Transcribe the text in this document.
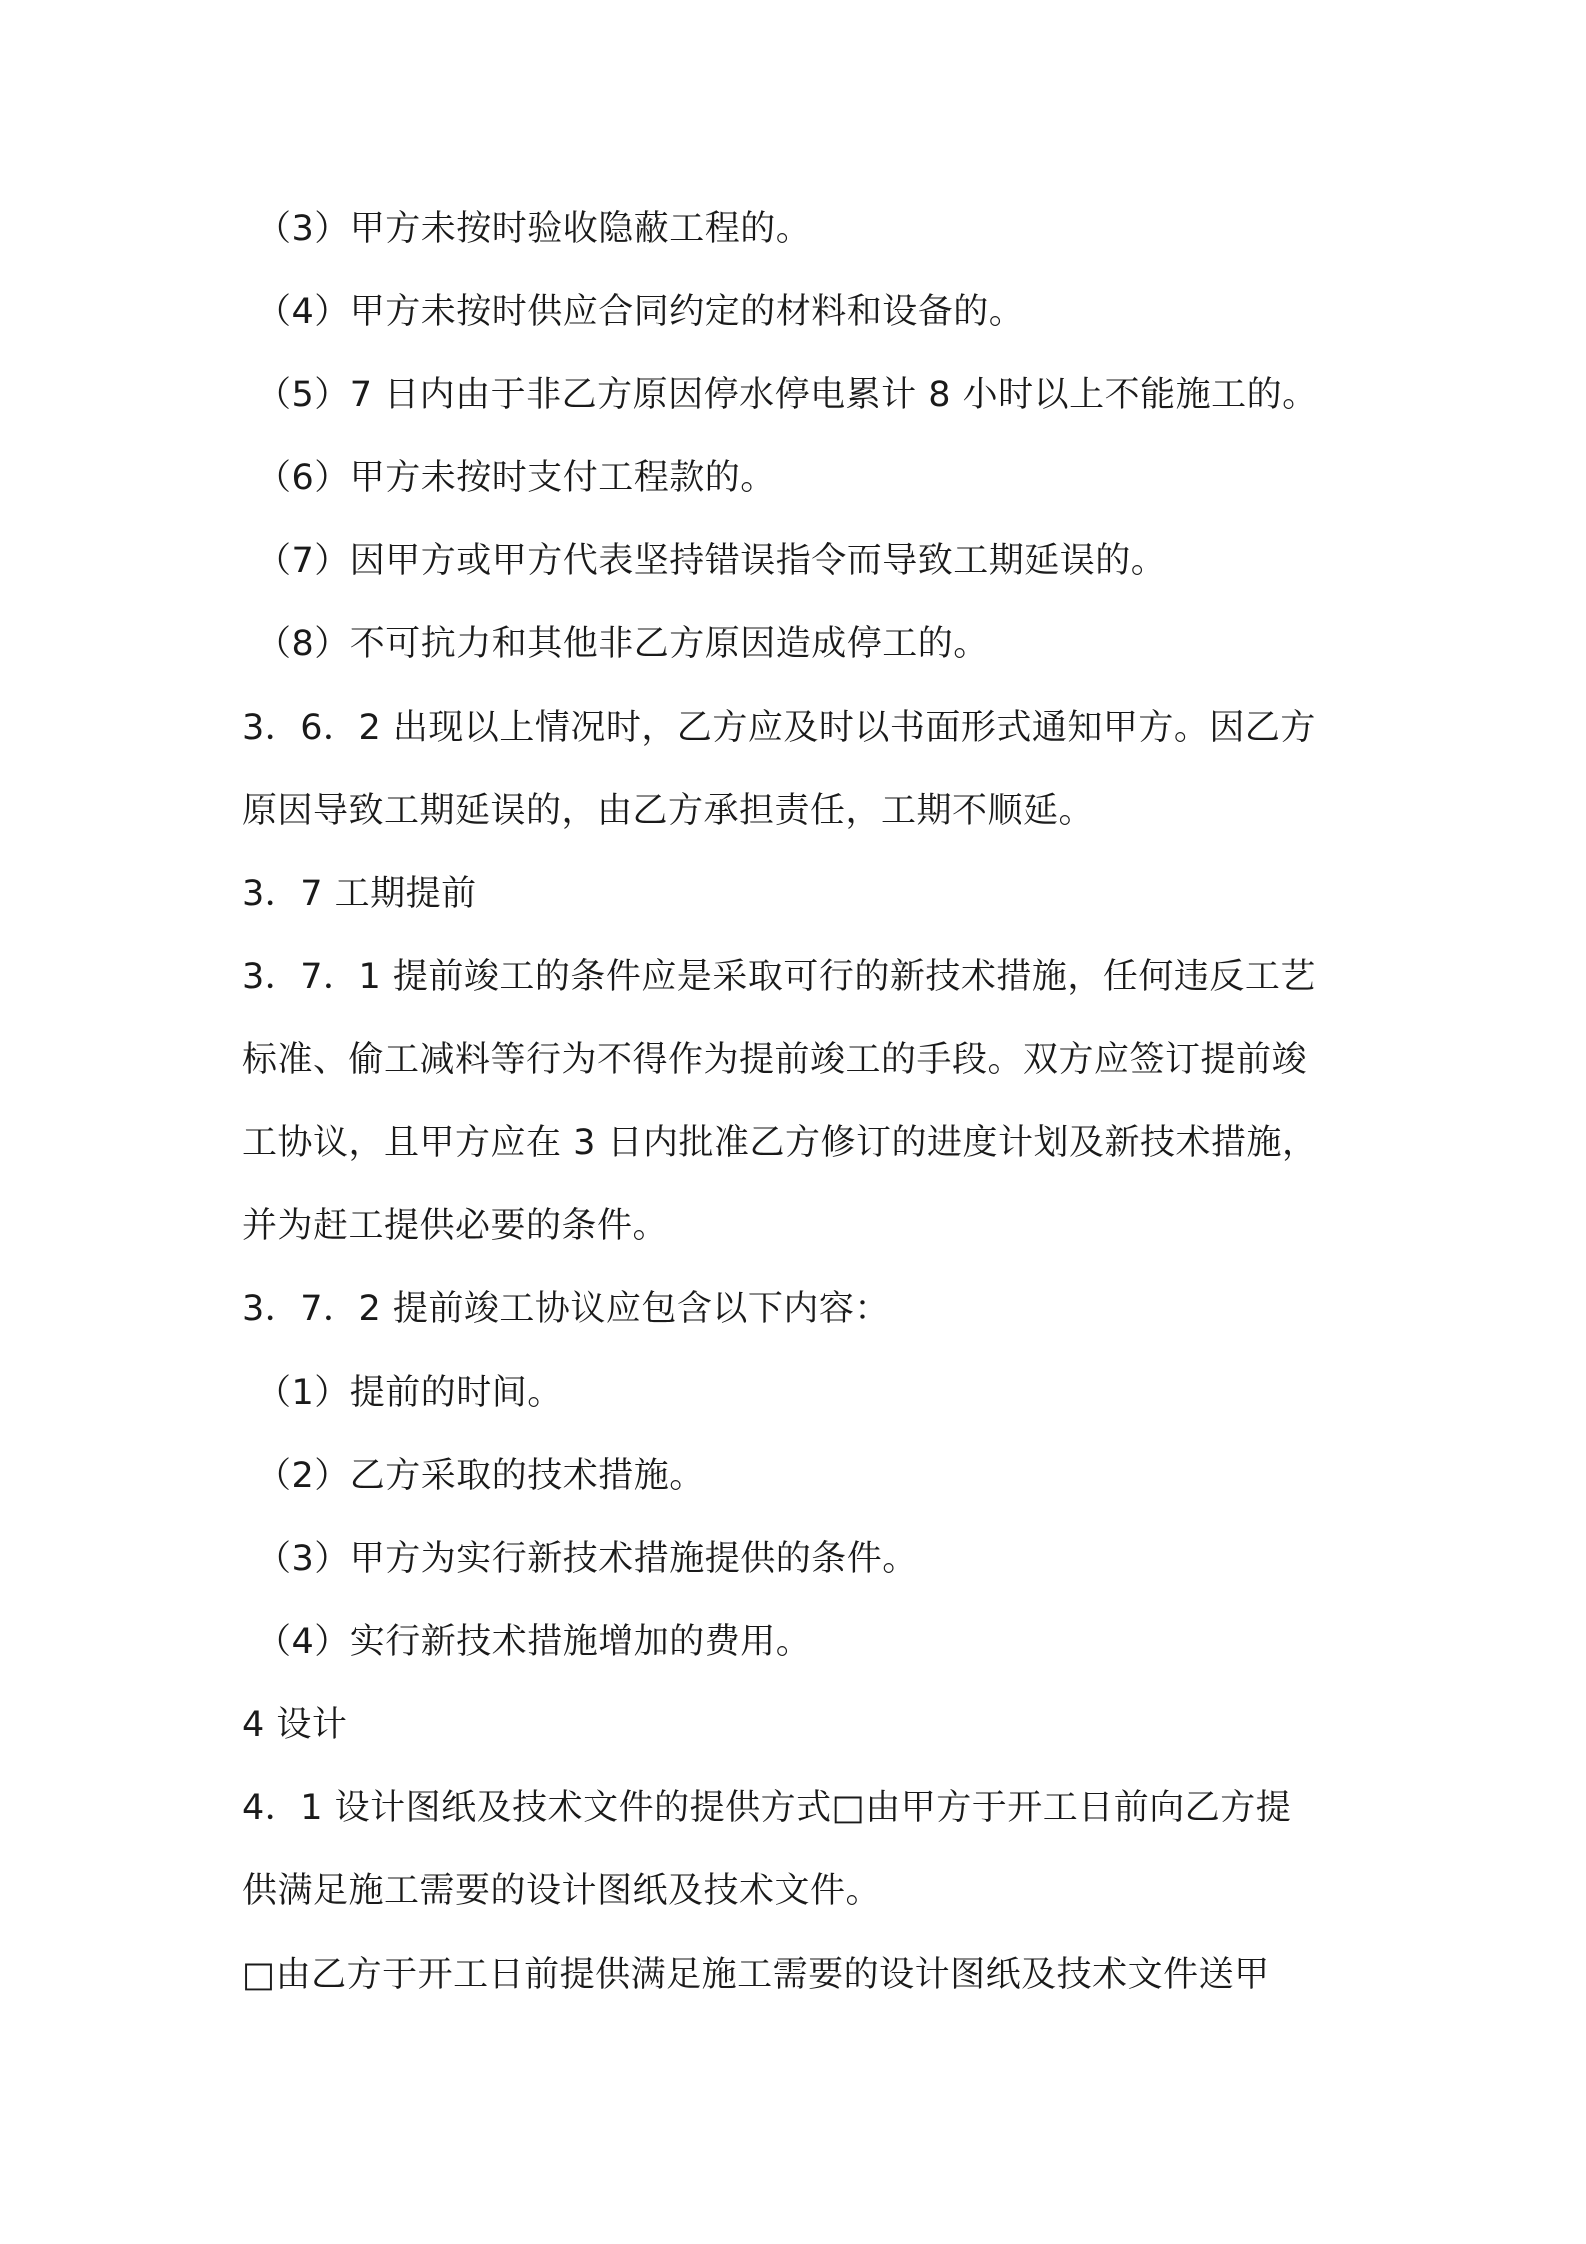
（3）甲方未按时验收隐蔽工程的。
（4）甲方未按时供应合同约定的材料和设备的。
（5）7 日内由于非乙方原因停水停电累计 8 小时以上不能施工的。
（6）甲方未按时支付工程款的。
（7）因甲方或甲方代表坚持错误指令而导致工期延误的。
（8）不可抗力和其他非乙方原因造成停工的。
3．6．2 出现以上情况时，乙方应及时以书面形式通知甲方。因乙方
原因导致工期延误的，由乙方承担责任，工期不顺延。
3．7 工期提前
3．7．1 提前竣工的条件应是采取可行的新技术措施，任何违反工艺
标准、偷工减料等行为不得作为提前竣工的手段。双方应签订提前竣
工协议，且甲方应在 3 日内批准乙方修订的进度计划及新技术措施，
并为赶工提供必要的条件。
3．7．2 提前竣工协议应包含以下内容：
（1）提前的时间。
（2）乙方采取的技术措施。
（3）甲方为实行新技术措施提供的条件。
（4）实行新技术措施增加的费用。
4 设计
4．1 设计图纸及技术文件的提供方式□由甲方于开工日前向乙方提
供满足施工需要的设计图纸及技术文件。
□由乙方于开工日前提供满足施工需要的设计图纸及技术文件送甲
